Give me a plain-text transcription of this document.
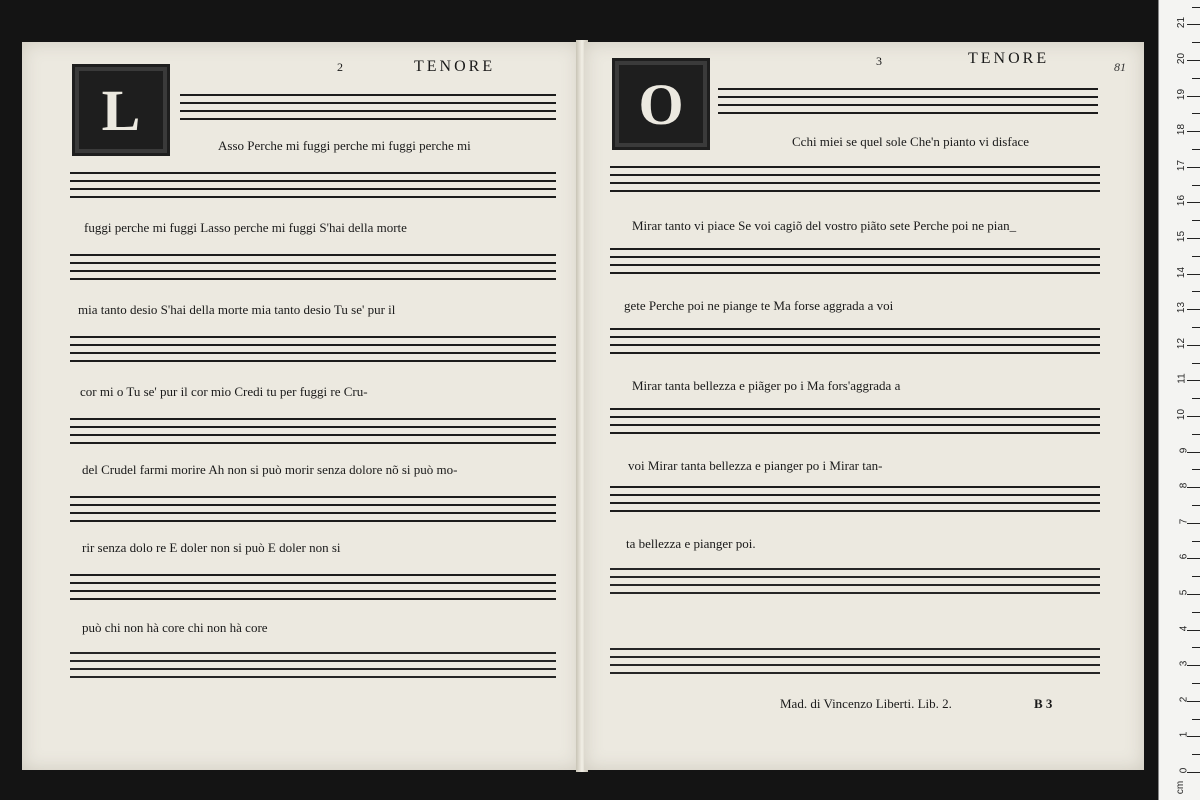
L
2	TENORE
Asso Perche mi fuggi perche mi fuggi perche mi
fuggi perche mi fuggi Lasso perche mi fuggi S'hai della morte
mia tanto desio S'hai della morte mia tanto desio Tu se' pur il
cor mi o Tu se' pur il cor mio Credi tu per fuggi re Cru-
del Crudel farmi morire Ah non si può morir senza dolore nõ si può mo-
rir senza dolo re E doler non si può E doler non si
può chi non hà core chi non hà core
O
3	TENORE	81
Cchi miei se quel sole Che'n pianto vi disface
Mirar tanto vi piace Se voi cagiõ del vostro piãto sete Perche poi ne pian_
gete Perche poi ne piange te Ma forse aggrada a voi
Mirar tanta bellezza e piãger po i Ma fors'aggrada a
voi Mirar tanta bellezza e pianger po i Mirar tan-
ta bellezza e pianger poi.
Mad. di Vincenzo Liberti. Lib. 2.	B 3
0
1
2
3
4
5
6
7
8
9
10
11
12
13
14
15
16
17
18
19
20
21
cm
